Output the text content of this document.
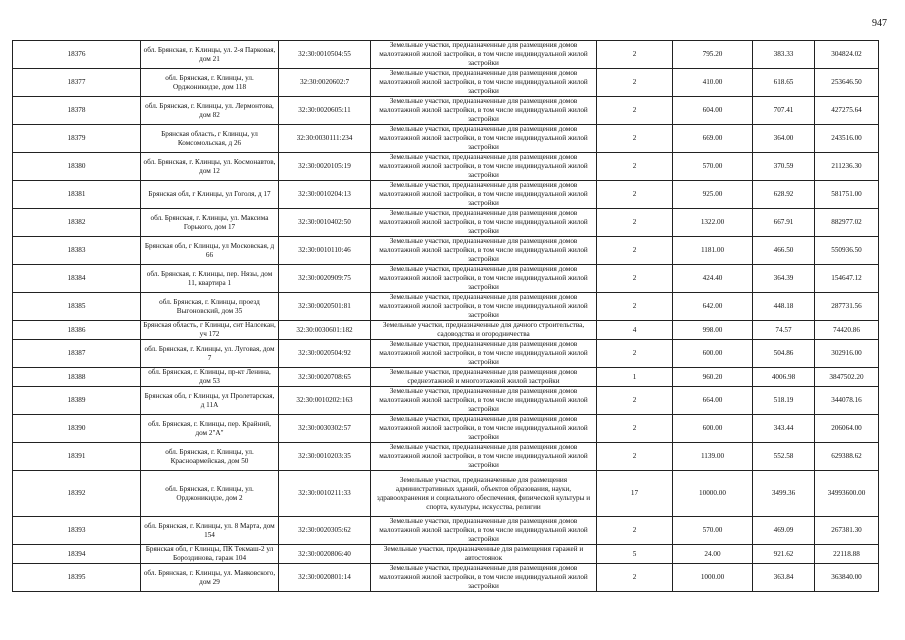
947
18376	обл. Брянская, г. Клинцы, ул. 2-я Парковая, дом 21	32:30:0010504:55	Земельные участки, предназначенные для размещения домов малоэтажной жилой застройки, в том числе индивидуальной жилой застройки	2	795.20	383.33	304824.02
18377	обл. Брянская, г. Клинцы, ул. Орджоникидзе, дом 118	32:30:0020602:7	Земельные участки, предназначенные для размещения домов малоэтажной жилой застройки, в том числе индивидуальной жилой застройки	2	410.00	618.65	253646.50
18378	обл. Брянская, г. Клинцы, ул. Лермонтова, дом 82	32:30:0020605:11	Земельные участки, предназначенные для размещения домов малоэтажной жилой застройки, в том числе индивидуальной жилой застройки	2	604.00	707.41	427275.64
18379	Брянская область, г Клинцы, ул Комсомольская, д 26	32:30:0030111:234	Земельные участки, предназначенные для размещения домов малоэтажной жилой застройки, в том числе индивидуальной жилой застройки	2	669.00	364.00	243516.00
18380	обл. Брянская, г. Клинцы, ул. Космонавтов, дом 12	32:30:0020105:19	Земельные участки, предназначенные для размещения домов малоэтажной жилой застройки, в том числе индивидуальной жилой застройки	2	570.00	370.59	211236.30
18381	Брянская обл, г Клинцы, ул Гоголя, д 17	32:30:0010204:13	Земельные участки, предназначенные для размещения домов малоэтажной жилой застройки, в том числе индивидуальной жилой застройки	2	925.00	628.92	581751.00
18382	обл. Брянская, г. Клинцы, ул. Максима Горького, дом 17	32:30:0010402:50	Земельные участки, предназначенные для размещения домов малоэтажной жилой застройки, в том числе индивидуальной жилой застройки	2	1322.00	667.91	882977.02
18383	Брянская обл, г Клинцы, ул Московская, д 66	32:30:0010110:46	Земельные участки, предназначенные для размещения домов малоэтажной жилой застройки, в том числе индивидуальной жилой застройки	2	1181.00	466.50	550936.50
18384	обл. Брянская, г. Клинцы, пер. Нязы, дом 11, квартира 1	32:30:0020909:75	Земельные участки, предназначенные для размещения домов малоэтажной жилой застройки, в том числе индивидуальной жилой застройки	2	424.40	364.39	154647.12
18385	обл. Брянская, г. Клинцы, проезд Выгоновский, дом 35	32:30:0020501:81	Земельные участки, предназначенные для размещения домов малоэтажной жилой застройки, в том числе индивидуальной жилой застройки	2	642.00	448.18	287731.56
18386	Брянская область, г Клинцы, снт Налсекан, уч 172	32:30:0030601:182	Земельные участки, предназначенные для дачного строительства, садоводства и огородничества	4	998.00	74.57	74420.86
18387	обл. Брянская, г. Клинцы, ул. Луговая, дом 7	32:30:0020504:92	Земельные участки, предназначенные для размещения домов малоэтажной жилой застройки, в том числе индивидуальной жилой застройки	2	600.00	504.86	302916.00
18388	обл. Брянская, г. Клинцы, пр-кт Ленина, дом 53	32:30:0020708:65	Земельные участки, предназначенные для размещения домов среднеэтажной и многоэтажной жилой застройки	1	960.20	4006.98	3847502.20
18389	Брянская обл, г Клинцы, ул Пролетарская, д 11А	32:30:0010202:163	Земельные участки, предназначенные для размещения домов малоэтажной жилой застройки, в том числе индивидуальной жилой застройки	2	664.00	518.19	344078.16
18390	обл. Брянская, г. Клинцы, пер. Крайний, дом 2"А"	32:30:0030302:57	Земельные участки, предназначенные для размещения домов малоэтажной жилой застройки, в том числе индивидуальной жилой застройки	2	600.00	343.44	206064.00
18391	обл. Брянская, г. Клинцы, ул. Красноармейская, дом 50	32:30:0010203:35	Земельные участки, предназначенные для размещения домов малоэтажной жилой застройки, в том числе индивидуальной жилой застройки	2	1139.00	552.58	629388.62
18392	обл. Брянская, г. Клинцы, ул. Орджоникидзе, дом 2	32:30:0010211:33	Земельные участки, предназначенные для размещения административных зданий, объектов образования, науки, здравоохранения и социального обеспечения, физической культуры и спорта, культуры, искусства, религии	17	10000.00	3499.36	34993600.00
18393	обл. Брянская, г. Клинцы, ул. 8 Марта, дом 154	32:30:0020305:62	Земельные участки, предназначенные для размещения домов малоэтажной жилой застройки, в том числе индивидуальной жилой застройки	2	570.00	469.09	267381.30
18394	Брянская обл, г Клинцы, ПК Текмаш-2 ул Бороздинова, гараж 104	32:30:0020806:40	Земельные участки, предназначенные для размещения гаражей и автостоянок	5	24.00	921.62	22118.88
18395	обл. Брянская, г. Клинцы, ул. Маяковского, дом 29	32:30:0020801:14	Земельные участки, предназначенные для размещения домов малоэтажной жилой застройки, в том числе индивидуальной жилой застройки	2	1000.00	363.84	363840.00
